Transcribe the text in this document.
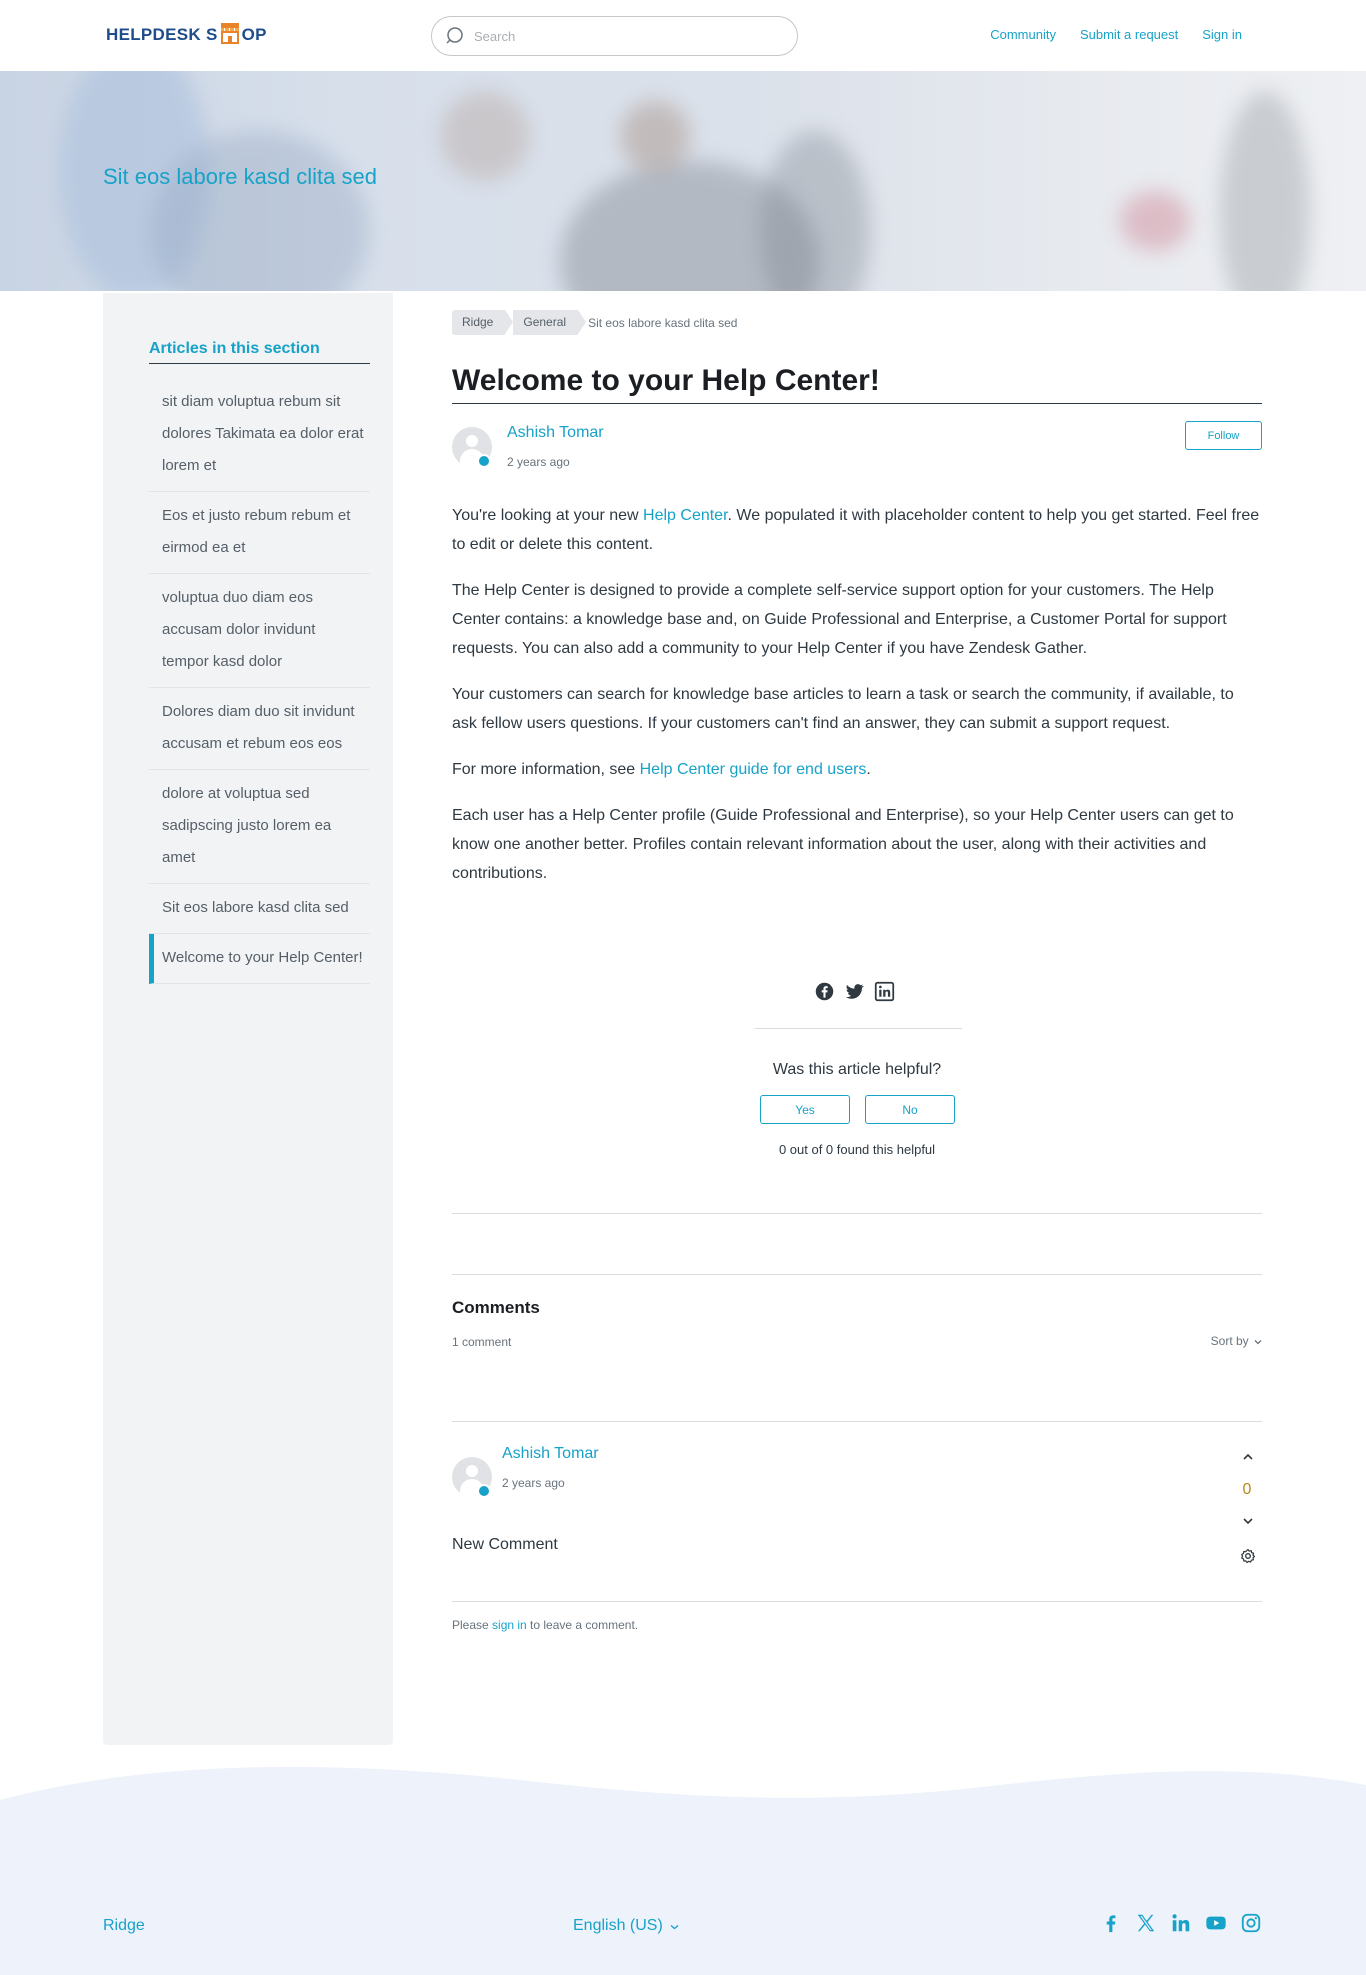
HELPDESK S OP
Search	Community Submit a request Sign in
Sit eos labore kasd clita sed
Articles in this section
sit diam voluptua rebum sit dolores Takimata ea dolor erat lorem et
Eos et justo rebum rebum et eirmod ea et
voluptua duo diam eos accusam dolor invidunt tempor kasd dolor
Dolores diam duo sit invidunt accusam et rebum eos eos
dolore at voluptua sed sadipscing justo lorem ea amet
Sit eos labore kasd clita sed
Welcome to your Help Center!
Ridge	General	Sit eos labore kasd clita sed
Welcome to your Help Center!
Ashish Tomar
2 years ago
Follow

You're looking at your new Help Center. We populated it with placeholder content to help you get started. Feel free to edit or delete this content.

The Help Center is designed to provide a complete self-service support option for your customers. The Help Center contains: a knowledge base and, on Guide Professional and Enterprise, a Customer Portal for support requests. You can also add a community to your Help Center if you have Zendesk Gather.

Your customers can search for knowledge base articles to learn a task or search the community, if available, to ask fellow users questions. If your customers can't find an answer, they can submit a support request.

For more information, see Help Center guide for end users.

Each user has a Help Center profile (Guide Professional and Enterprise), so your Help Center users can get to know one another better. Profiles contain relevant information about the user, along with their activities and contributions.

Was this article helpful?
Yes	No
0 out of 0 found this helpful
Comments
1 comment	Sort by
Ashish Tomar
2 years ago
New Comment
0
Please sign in to leave a comment.
Ridge	English (US)
